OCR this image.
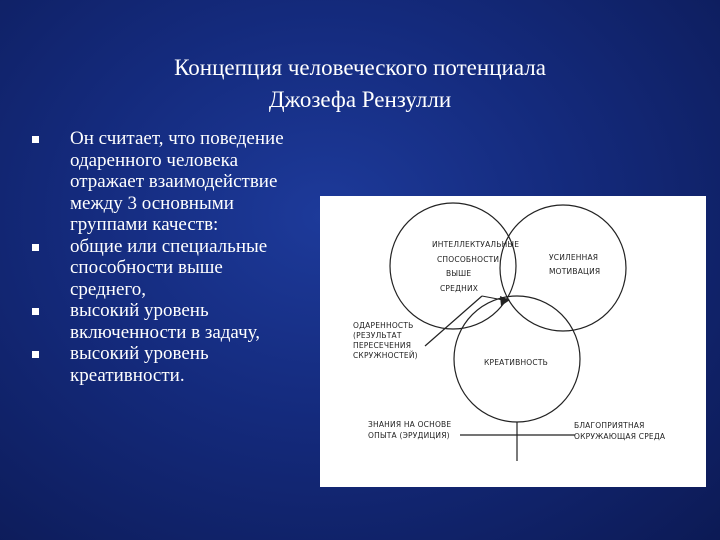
Концепция человеческого потенциала
Джозефа Рензулли
Он считает, что поведение
одаренного человека
отражает взаимодействие
между 3 основными
группами качеств:
общие или специальные
способности выше
среднего,
высокий уровень
включенности в задачу,
высокий уровень
креативности.
ИНТЕЛЛЕКТУАЛЬНЫЕ
СПОСОБНОСТИ
ВЫШЕ
СРЕДНИХ
УСИЛЕННАЯ
МОТИВАЦИЯ
КРЕАТИВНОСТЬ
ОДАРЕННОСТЬ
(РЕЗУЛЬТАТ
ПЕРЕСЕЧЕНИЯ
СКРУЖНОСТЕЙ)
ЗНАНИЯ НА ОСНОВЕ
ОПЫТА (ЭРУДИЦИЯ)
БЛАГОПРИЯТНАЯ
ОКРУЖАЮЩАЯ СРЕДА
